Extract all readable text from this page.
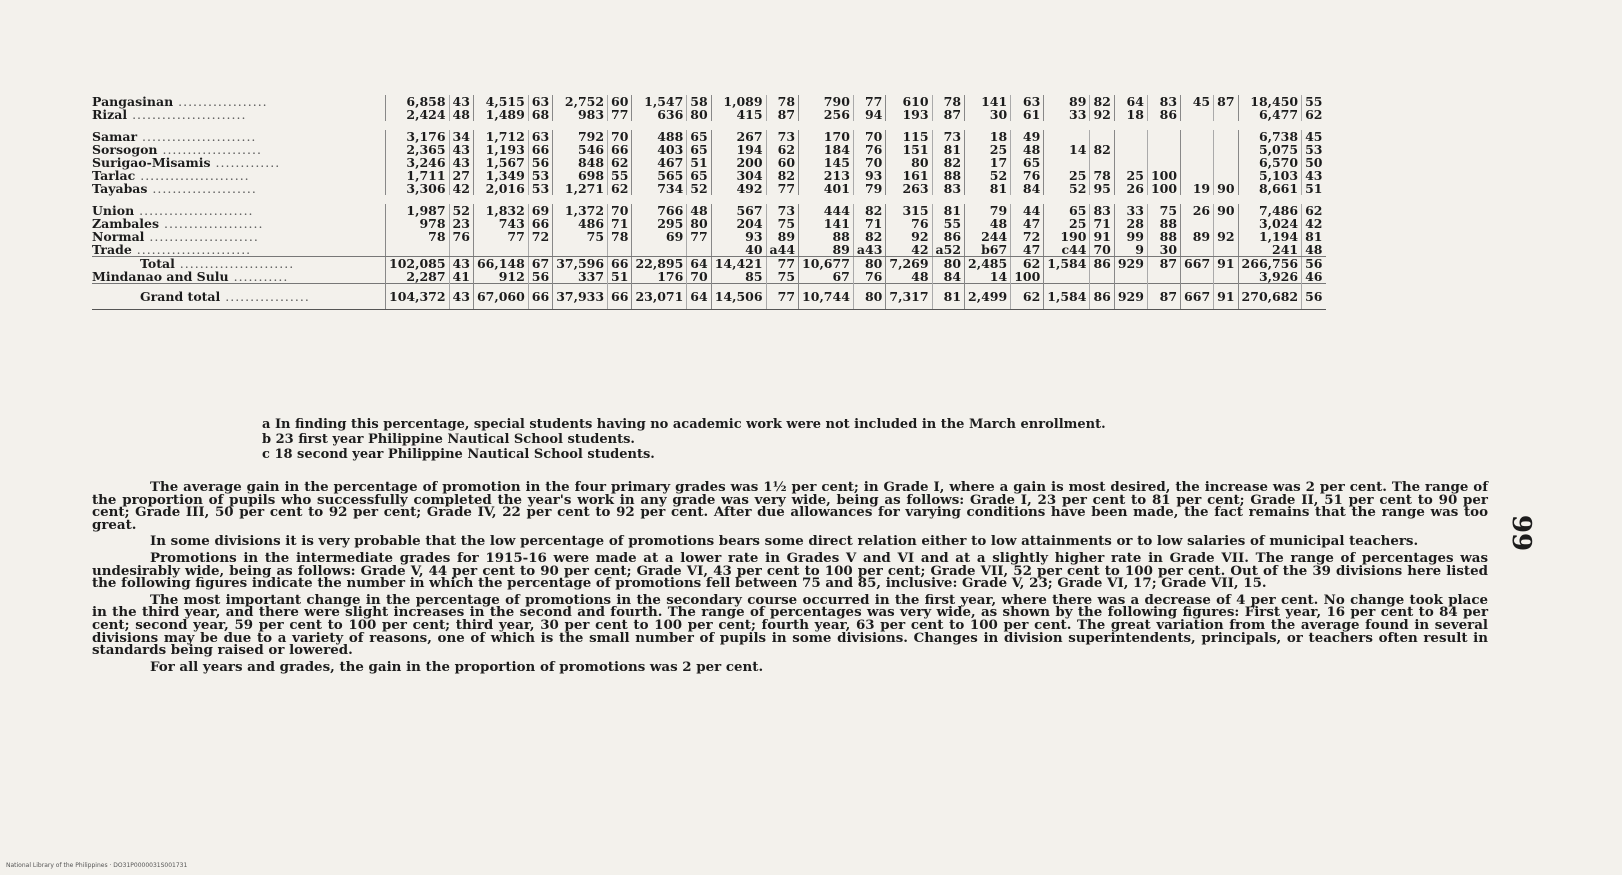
Pangasinan ..................	6,858	43	4,515	63	2,752	60	1,547	58	1,089	78	790	77	610	78	141	63	89	82	64	83	45	87	18,450	55
Rizal .......................	2,424	48	1,489	68	983	77	636	80	415	87	256	94	193	87	30	61	33	92	18	86			6,477	62

Samar .......................	3,176	34	1,712	63	792	70	488	65	267	73	170	70	115	73	18	49							6,738	45
Sorsogon ....................	2,365	43	1,193	66	546	66	403	65	194	62	184	76	151	81	25	48	14	82					5,075	53
Surigao-Misamis .............	3,246	43	1,567	56	848	62	467	51	200	60	145	70	80	82	17	65							6,570	50
Tarlac ......................	1,711	27	1,349	53	698	55	565	65	304	82	213	93	161	88	52	76	25	78	25	100			5,103	43
Tayabas .....................	3,306	42	2,016	53	1,271	62	734	52	492	77	401	79	263	83	81	84	52	95	26	100	19	90	8,661	51

Union .......................	1,987	52	1,832	69	1,372	70	766	48	567	73	444	82	315	81	79	44	65	83	33	75	26	90	7,486	62
Zambales ....................	978	23	743	66	486	71	295	80	204	75	141	71	76	55	48	47	25	71	28	88			3,024	42
Normal ......................	78	76	77	72	75	78	69	77	93	89	88	82	92	86	244	72	190	91	99	88	89	92	1,194	81
Trade .......................									40	a44	89	a43	42	a52	b67	47	c44	70	9	30			241	48
Total .......................	102,085	43	66,148	67	37,596	66	22,895	64	14,421	77	10,677	80	7,269	80	2,485	62	1,584	86	929	87	667	91	266,756	56
Mindanao and Sulu ...........	2,287	41	912	56	337	51	176	70	85	75	67	76	48	84	14	100							3,926	46
Grand total .................	104,372	43	67,060	66	37,933	66	23,071	64	14,506	77	10,744	80	7,317	81	2,499	62	1,584	86	929	87	667	91	270,682	56
a In finding this percentage, special students having no academic work were not included in the March enrollment.
b 23 first year Philippine Nautical School students.
c 18 second year Philippine Nautical School students.

The average gain in the percentage of promotion in the four primary grades was 1½ per cent; in Grade I, where a gain is most desired, the increase was 2 per cent. The range of the proportion of pupils who successfully completed the year's work in any grade was very wide, being as follows: Grade I, 23 per cent to 81 per cent; Grade II, 51 per cent to 90 per cent; Grade III, 50 per cent to 92 per cent; Grade IV, 22 per cent to 92 per cent. After due allowances for varying conditions have been made, the fact remains that the range was too great.

In some divisions it is very probable that the low percentage of promotions bears some direct relation either to low attainments or to low salaries of municipal teachers.

Promotions in the intermediate grades for 1915-16 were made at a lower rate in Grades V and VI and at a slightly higher rate in Grade VII. The range of percentages was undesirably wide, being as follows: Grade V, 44 per cent to 90 per cent; Grade VI, 43 per cent to 100 per cent; Grade VII, 52 per cent to 100 per cent. Out of the 39 divisions here listed the following figures indicate the number in which the percentage of promotions fell between 75 and 85, inclusive: Grade V, 23; Grade VI, 17; Grade VII, 15.

The most important change in the percentage of promotions in the secondary course occurred in the first year, where there was a decrease of 4 per cent. No change took place in the third year, and there were slight increases in the second and fourth. The range of percentages was very wide, as shown by the following figures: First year, 16 per cent to 84 per cent; second year, 59 per cent to 100 per cent; third year, 30 per cent to 100 per cent; fourth year, 63 per cent to 100 per cent. The great variation from the average found in several divisions may be due to a variety of reasons, one of which is the small number of pupils in some divisions. Changes in division superintendents, principals, or teachers often result in standards being raised or lowered.

For all years and grades, the gain in the proportion of promotions was 2 per cent.

99
National Library of the Philippines · DO31P0000031S001731
